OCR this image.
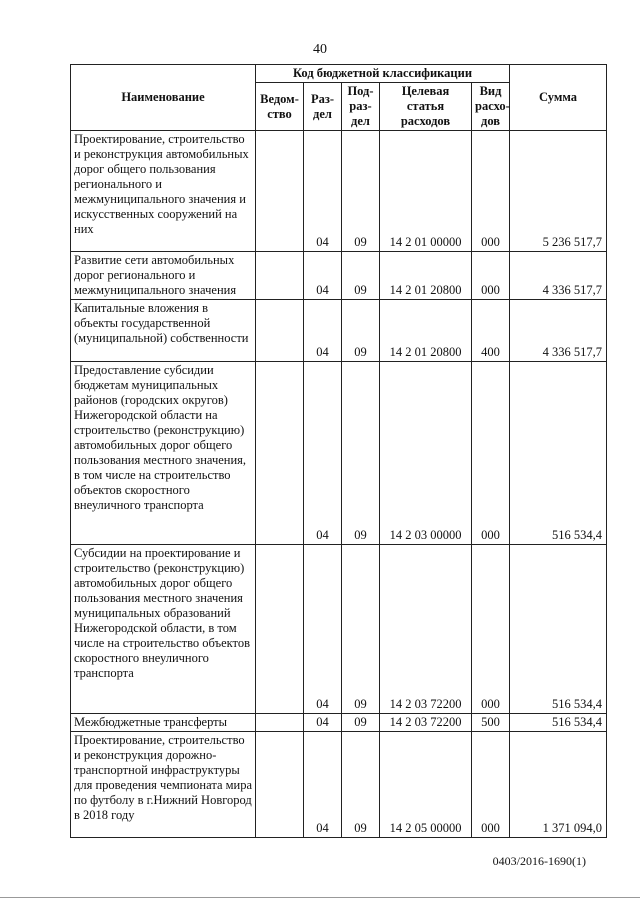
40
Наименование	Код бюджетной классификации					Сумма
	Ведом-ство	Раз-дел	Под-раз-дел	Целевая статья расходов	Вид расхо-дов	
Проектирование, строительство и реконструкция автомобильных дорог общего пользования регионального и межмуниципального значения и искусственных сооружений на них		04	09	14 2 01 00000	000	5 236 517,7
Развитие сети автомобильных дорог регионального и межмуниципального значения		04	09	14 2 01 20800	000	4 336 517,7
Капитальные вложения в объекты государственной (муниципальной) собственности		04	09	14 2 01 20800	400	4 336 517,7
Предоставление субсидии бюджетам муниципальных районов (городских округов) Нижегородской области на строительство (реконструкцию) автомобильных дорог общего пользования местного значения, в том числе на строительство объектов скоростного внеуличного транспорта		04	09	14 2 03 00000	000	516 534,4
Субсидии на проектирование и строительство (реконструкцию) автомобильных дорог общего пользования местного значения муниципальных образований Нижегородской области, в том числе на строительство объектов скоростного внеуличного транспорта		04	09	14 2 03 72200	000	516 534,4
Межбюджетные трансферты		04	09	14 2 03 72200	500	516 534,4
Проектирование, строительство и реконструкция дорожно-транспортной инфраструктуры для проведения чемпионата мира по футболу в г.Нижний Новгород в 2018 году		04	09	14 2 05 00000	000	1 371 094,0
0403/2016-1690(1)
